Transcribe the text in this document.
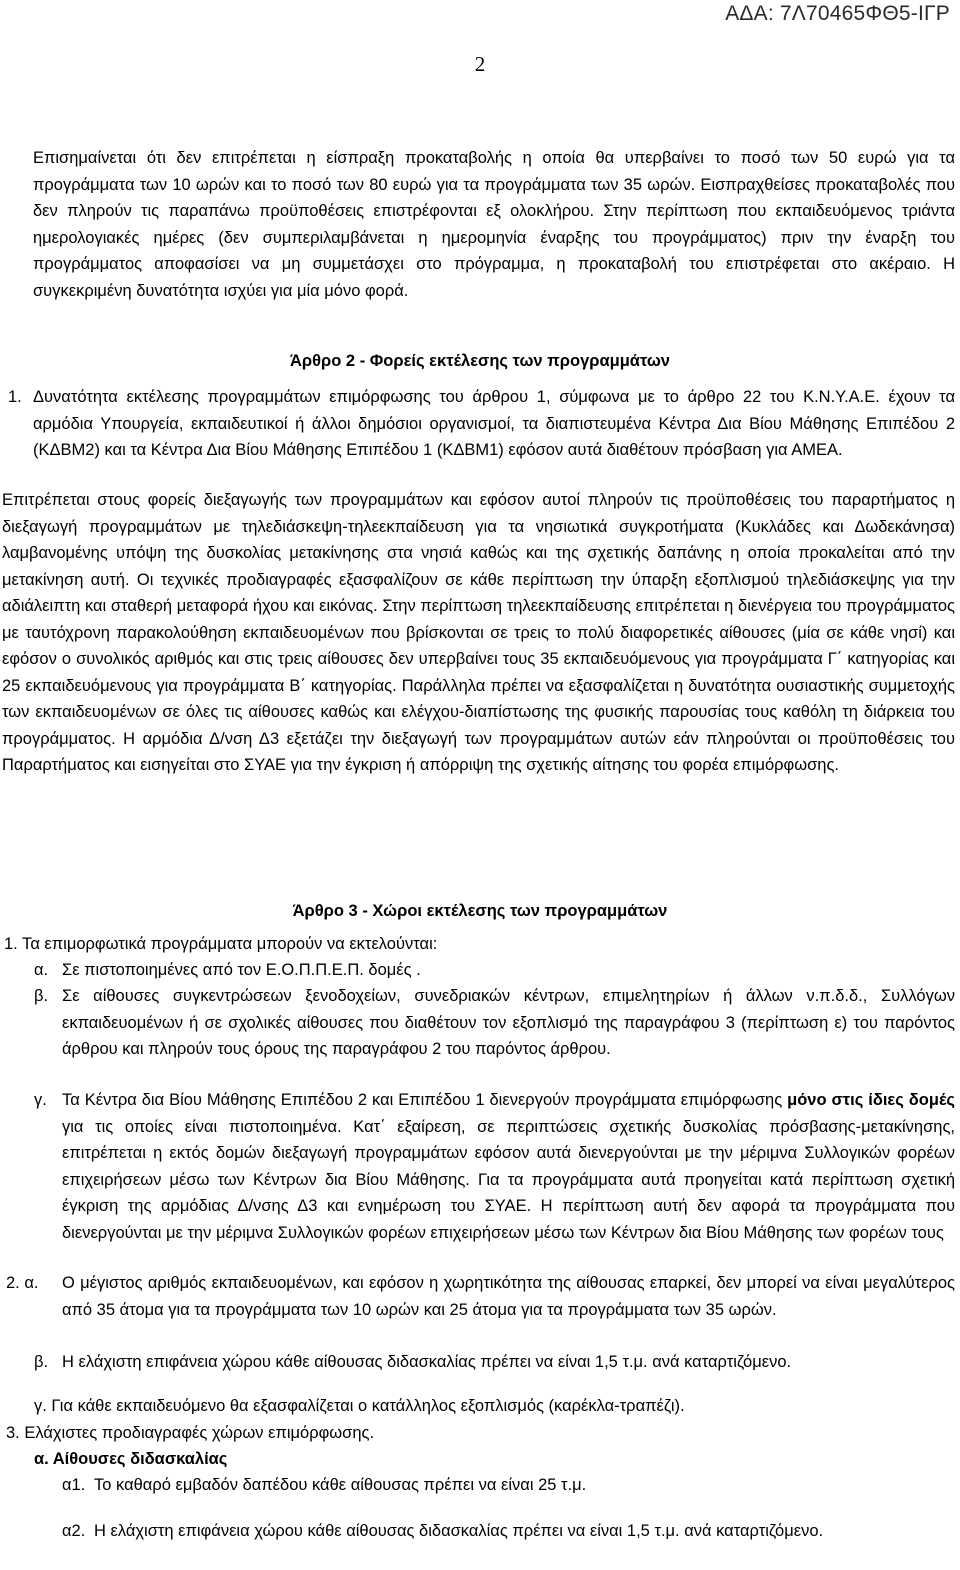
ΑΔΑ: 7Λ70465ΦΘ5-ΙΓΡ
2
Επισημαίνεται ότι δεν επιτρέπεται η είσπραξη προκαταβολής η οποία θα υπερβαίνει το ποσό των 50 ευρώ για τα προγράμματα των 10 ωρών και το ποσό των 80 ευρώ για τα προγράμματα των 35 ωρών. Εισπραχθείσες προκαταβολές που δεν πληρούν τις παραπάνω προϋποθέσεις επιστρέφονται εξ ολοκλήρου. Στην περίπτωση που εκπαιδευόμενος τριάντα ημερολογιακές ημέρες (δεν συμπεριλαμβάνεται η ημερομηνία έναρξης του προγράμματος) πριν την έναρξη του προγράμματος αποφασίσει να μη συμμετάσχει στο πρόγραμμα, η προκαταβολή του επιστρέφεται στο ακέραιο. Η συγκεκριμένη δυνατότητα ισχύει για μία μόνο φορά.
Άρθρο 2 - Φορείς εκτέλεσης των προγραμμάτων
1. Δυνατότητα εκτέλεσης προγραμμάτων επιμόρφωσης του άρθρου 1, σύμφωνα με το άρθρο 22 του Κ.Ν.Υ.Α.Ε. έχουν τα αρμόδια Υπουργεία, εκπαιδευτικοί ή άλλοι δημόσιοι οργανισμοί, τα διαπιστευμένα Κέντρα Δια Βίου Μάθησης Επιπέδου 2 (ΚΔΒΜ2) και τα Κέντρα Δια Βίου Μάθησης Επιπέδου 1 (ΚΔΒΜ1) εφόσον αυτά διαθέτουν πρόσβαση για ΑΜΕΑ.
Επιτρέπεται στους φορείς διεξαγωγής των προγραμμάτων και εφόσον αυτοί πληρούν τις προϋποθέσεις του παραρτήματος η διεξαγωγή προγραμμάτων με τηλεδιάσκεψη-τηλεεκπαίδευση για τα νησιωτικά συγκροτήματα (Κυκλάδες και Δωδεκάνησα) λαμβανομένης υπόψη της δυσκολίας μετακίνησης στα νησιά καθώς και της σχετικής δαπάνης η οποία προκαλείται από την μετακίνηση αυτή. Οι τεχνικές προδιαγραφές εξασφαλίζουν σε κάθε περίπτωση την ύπαρξη εξοπλισμού τηλεδιάσκεψης για την αδιάλειπτη και σταθερή μεταφορά ήχου και εικόνας. Στην περίπτωση τηλεεκπαίδευσης επιτρέπεται η διενέργεια του προγράμματος με ταυτόχρονη παρακολούθηση εκπαιδευομένων που βρίσκονται σε τρεις το πολύ διαφορετικές αίθουσες (μία σε κάθε νησί) και εφόσον ο συνολικός αριθμός και στις τρεις αίθουσες δεν υπερβαίνει τους 35 εκπαιδευόμενους για προγράμματα Γ΄ κατηγορίας και 25 εκπαιδευόμενους για προγράμματα Β΄ κατηγορίας. Παράλληλα πρέπει να εξασφαλίζεται η δυνατότητα ουσιαστικής συμμετοχής των εκπαιδευομένων σε όλες τις αίθουσες καθώς και ελέγχου-διαπίστωσης της φυσικής παρουσίας τους καθόλη τη διάρκεια του προγράμματος. Η αρμόδια Δ/νση Δ3 εξετάζει την διεξαγωγή των προγραμμάτων αυτών εάν πληρούνται οι προϋποθέσεις του Παραρτήματος και εισηγείται στο ΣΥΑΕ για την έγκριση ή απόρριψη της σχετικής αίτησης του φορέα επιμόρφωσης.
Άρθρο 3 - Χώροι εκτέλεσης των προγραμμάτων
1. Τα επιμορφωτικά προγράμματα μπορούν να εκτελούνται:
α. Σε πιστοποιημένες από τον Ε.Ο.Π.Π.Ε.Π. δομές .
β. Σε αίθουσες συγκεντρώσεων ξενοδοχείων, συνεδριακών κέντρων, επιμελητηρίων ή άλλων ν.π.δ.δ., Συλλόγων εκπαιδευομένων ή σε σχολικές αίθουσες που διαθέτουν τον εξοπλισμό της παραγράφου 3 (περίπτωση ε) του παρόντος άρθρου και πληρούν τους όρους της παραγράφου 2 του παρόντος άρθρου.
γ. Τα Κέντρα δια Βίου Μάθησης Επιπέδου 2 και Επιπέδου 1 διενεργούν προγράμματα επιμόρφωσης μόνο στις ίδιες δομές για τις οποίες είναι πιστοποιημένα. Κατ΄ εξαίρεση, σε περιπτώσεις σχετικής δυσκολίας πρόσβασης-μετακίνησης, επιτρέπεται η εκτός δομών διεξαγωγή προγραμμάτων εφόσον αυτά διενεργούνται με την μέριμνα Συλλογικών φορέων επιχειρήσεων μέσω των Κέντρων δια Βίου Μάθησης. Για τα προγράμματα αυτά προηγείται κατά περίπτωση σχετική έγκριση της αρμόδιας Δ/νσης Δ3 και ενημέρωση του ΣΥΑΕ. Η περίπτωση αυτή δεν αφορά τα προγράμματα που διενεργούνται με την μέριμνα Συλλογικών φορέων επιχειρήσεων μέσω των Κέντρων δια Βίου Μάθησης των φορέων τους
2. α.	Ο μέγιστος αριθμός εκπαιδευομένων, και εφόσον η χωρητικότητα της αίθουσας επαρκεί, δεν μπορεί να είναι μεγαλύτερος από 35 άτομα για τα προγράμματα των 10 ωρών και 25 άτομα για τα προγράμματα των 35 ωρών.
β. Η ελάχιστη επιφάνεια χώρου κάθε αίθουσας διδασκαλίας πρέπει να είναι 1,5 τ.μ. ανά καταρτιζόμενο.
γ. Για κάθε εκπαιδευόμενο θα εξασφαλίζεται ο κατάλληλος εξοπλισμός (καρέκλα-τραπέζι).
3. Ελάχιστες προδιαγραφές χώρων επιμόρφωσης.
α. Αίθουσες διδασκαλίας
α1. Το καθαρό εμβαδόν δαπέδου κάθε αίθουσας πρέπει να είναι 25 τ.μ.
α2. Η ελάχιστη επιφάνεια χώρου κάθε αίθουσας διδασκαλίας πρέπει να είναι 1,5 τ.μ. ανά καταρτιζόμενο.
